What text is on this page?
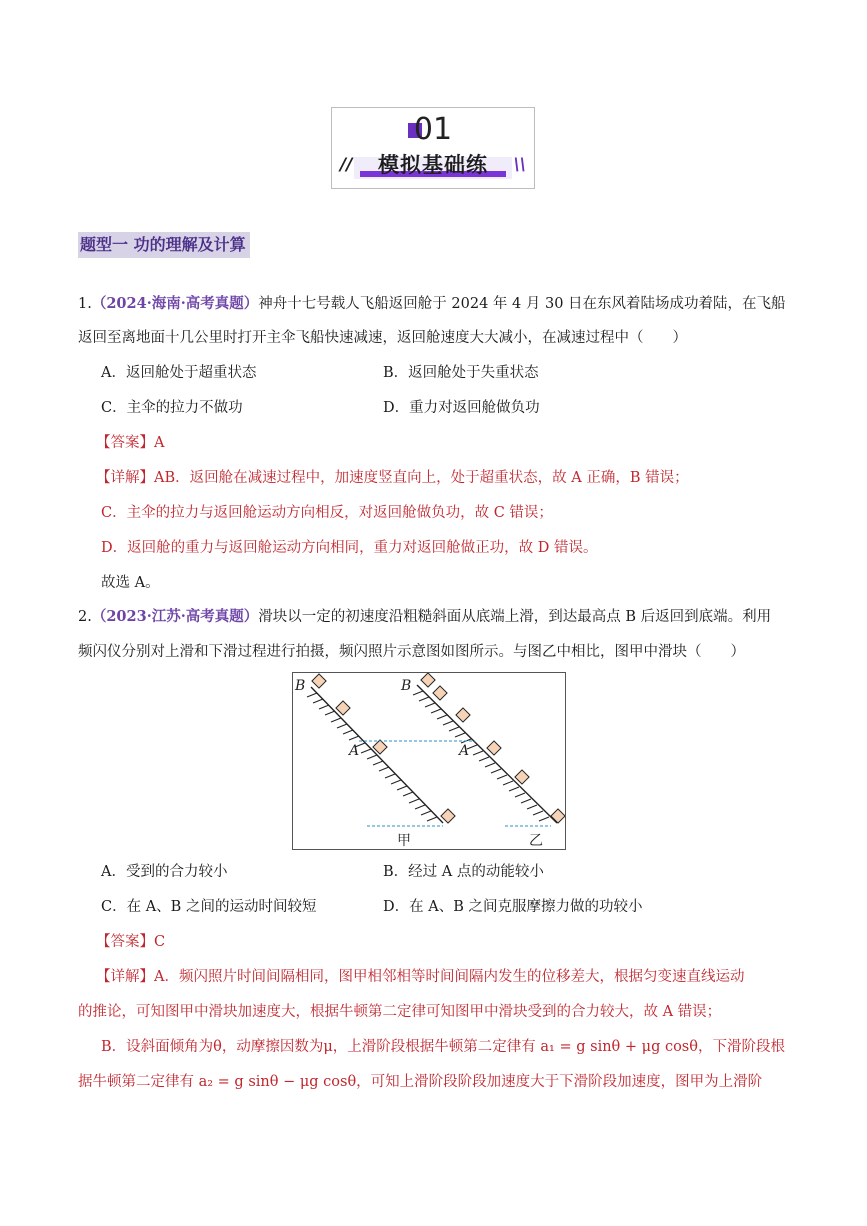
01
//	模拟基础练	\\
题型一 功的理解及计算
1.（2024·海南·高考真题）神舟十七号载人飞船返回舱于 2024 年 4 月 30 日在东风着陆场成功着陆，在飞船
返回至离地面十几公里时打开主伞飞船快速减速，返回舱速度大大减小，在减速过程中（　　）
A．返回舱处于超重状态	B．返回舱处于失重状态
C．主伞的拉力不做功	D．重力对返回舱做负功
【答案】A
【详解】AB．返回舱在减速过程中，加速度竖直向上，处于超重状态，故 A 正确，B 错误；
C．主伞的拉力与返回舱运动方向相反，对返回舱做负功，故 C 错误；
D．返回舱的重力与返回舱运动方向相同，重力对返回舱做正功，故 D 错误。
故选 A。
2.（2023·江苏·高考真题）滑块以一定的初速度沿粗糙斜面从底端上滑，到达最高点 B 后返回到底端。利用
频闪仪分别对上滑和下滑过程进行拍摄，频闪照片示意图如图所示。与图乙中相比，图甲中滑块（　　）
B
A
B
A
甲	乙
A．受到的合力较小	B．经过 A 点的动能较小
C．在 A、B 之间的运动时间较短	D．在 A、B 之间克服摩擦力做的功较小
【答案】C
【详解】A．频闪照片时间间隔相同，图甲相邻相等时间间隔内发生的位移差大，根据匀变速直线运动
的推论，可知图甲中滑块加速度大，根据牛顿第二定律可知图甲中滑块受到的合力较大，故 A 错误；
B．设斜面倾角为θ，动摩擦因数为μ，上滑阶段根据牛顿第二定律有 a₁ = g sinθ + μg cosθ，下滑阶段根
据牛顿第二定律有 a₂ = g sinθ − μg cosθ，可知上滑阶段阶段加速度大于下滑阶段加速度，图甲为上滑阶
